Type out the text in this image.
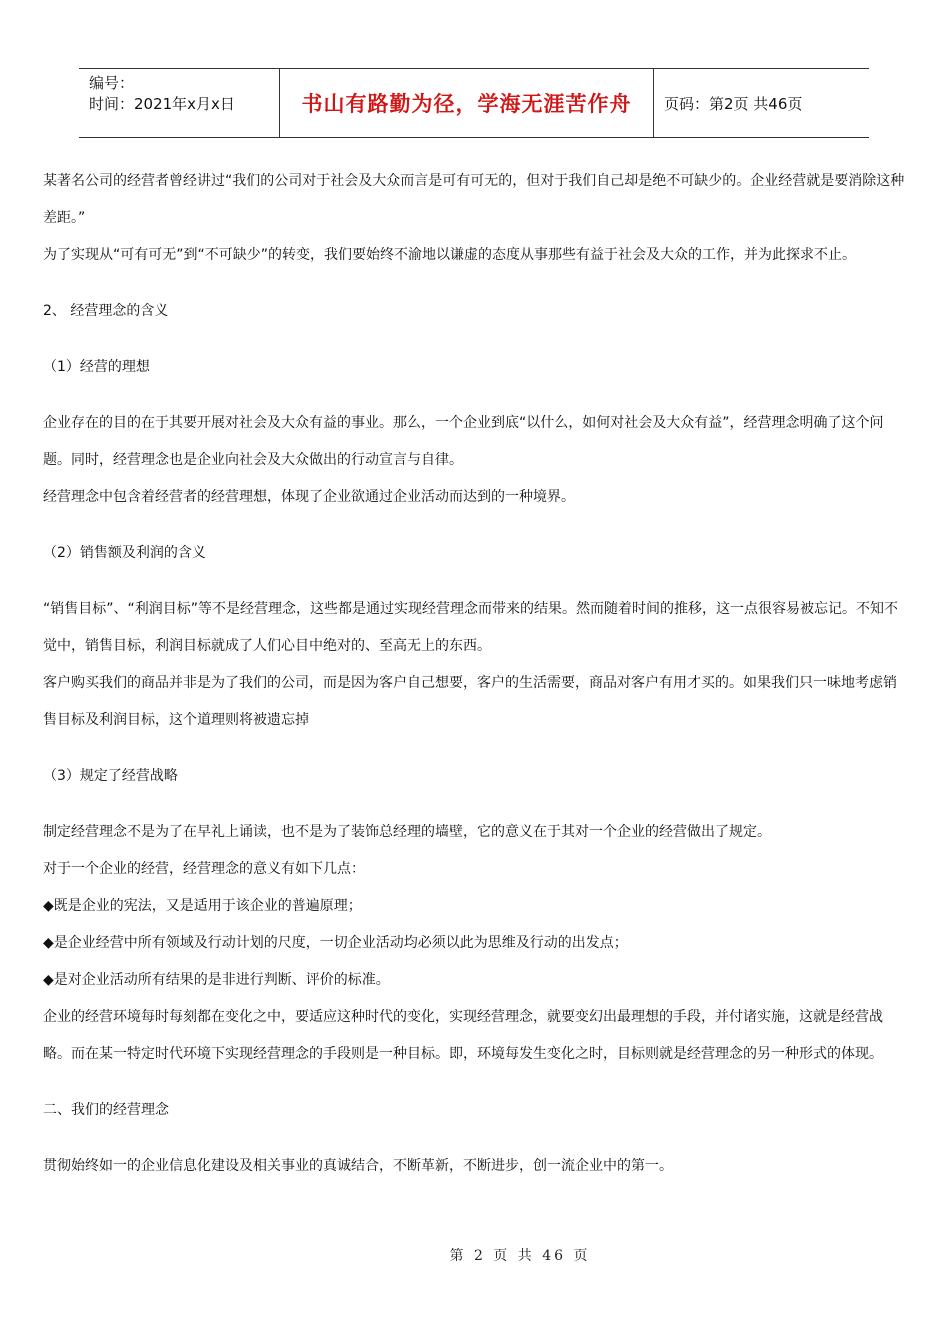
编号：
时间：2021年x月x日	书山有路勤为径，学海无涯苦作舟 页码：第2页 共46页

某著名公司的经营者曾经讲过“我们的公司对于社会及大众而言是可有可无的，但对于我们自己却是绝不可缺少的。企业经营就是要消除这种差距。”

为了实现从“可有可无”到“不可缺少”的转变，我们要始终不渝地以谦虚的态度从事那些有益于社会及大众的工作，并为此探求不止。

2、 经营理念的含义

（1）经营的理想

企业存在的目的在于其要开展对社会及大众有益的事业。那么，一个企业到底“以什么，如何对社会及大众有益”，经营理念明确了这个问题。同时，经营理念也是企业向社会及大众做出的行动宣言与自律。

经营理念中包含着经营者的经营理想，体现了企业欲通过企业活动而达到的一种境界。

（2）销售额及利润的含义

“销售目标”、“利润目标”等不是经营理念，这些都是通过实现经营理念而带来的结果。然而随着时间的推移，这一点很容易被忘记。不知不觉中，销售目标，利润目标就成了人们心目中绝对的、至高无上的东西。

客户购买我们的商品并非是为了我们的公司，而是因为客户自己想要，客户的生活需要，商品对客户有用才买的。如果我们只一味地考虑销售目标及利润目标，这个道理则将被遗忘掉

（3）规定了经营战略

制定经营理念不是为了在早礼上诵读，也不是为了装饰总经理的墙壁，它的意义在于其对一个企业的经营做出了规定。

对于一个企业的经营，经营理念的意义有如下几点：

◆既是企业的宪法，又是适用于该企业的普遍原理；

◆是企业经营中所有领域及行动计划的尺度，一切企业活动均必须以此为思维及行动的出发点；

◆是对企业活动所有结果的是非进行判断、评价的标准。

企业的经营环境每时每刻都在变化之中，要适应这种时代的变化，实现经营理念，就要变幻出最理想的手段，并付诸实施，这就是经营战略。而在某一特定时代环境下实现经营理念的手段则是一种目标。即，环境每发生变化之时，目标则就是经营理念的另一种形式的体现。

二、我们的经营理念

贯彻始终如一的企业信息化建设及相关事业的真诚结合，不断革新，不断进步，创一流企业中的第一。

第 2 页 共 46 页
